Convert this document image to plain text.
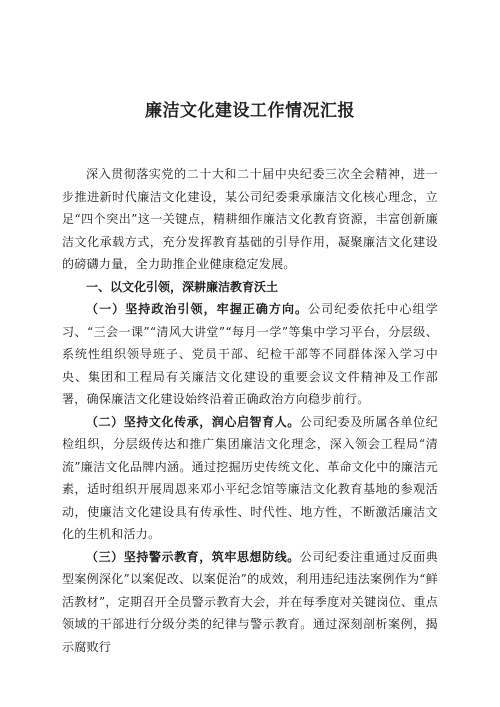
廉洁文化建设工作情况汇报

深入贯彻落实党的二十大和二十届中央纪委三次全会精神，进一步推进新时代廉洁文化建设，某公司纪委秉承廉洁文化核心理念，立足“四个突出”这一关键点，精耕细作廉洁文化教育资源，丰富创新廉洁文化承载方式，充分发挥教育基础的引导作用，凝聚廉洁文化建设的磅礴力量，全力助推企业健康稳定发展。

一、以文化引领，深耕廉洁教育沃土

（一）坚持政治引领，牢握正确方向。公司纪委依托中心组学习、“三会一课”“清风大讲堂”“每月一学”等集中学习平台，分层级、系统性组织领导班子、党员干部、纪检干部等不同群体深入学习中央、集团和工程局有关廉洁文化建设的重要会议文件精神及工作部署，确保廉洁文化建设始终沿着正确政治方向稳步前行。

（二）坚持文化传承，润心启智育人。公司纪委及所属各单位纪检组织，分层级传达和推广集团廉洁文化理念，深入领会工程局“清流”廉洁文化品牌内涵。通过挖掘历史传统文化、革命文化中的廉洁元素，适时组织开展周恩来邓小平纪念馆等廉洁文化教育基地的参观活动，使廉洁文化建设具有传承性、时代性、地方性，不断激活廉洁文化的生机和活力。

（三）坚持警示教育，筑牢思想防线。公司纪委注重通过反面典型案例深化”以案促改、以案促治”的成效，利用违纪违法案例作为“鲜活教材”，定期召开全员警示教育大会，并在每季度对关键岗位、重点领域的干部进行分级分类的纪律与警示教育。通过深刻剖析案例，揭示腐败行
